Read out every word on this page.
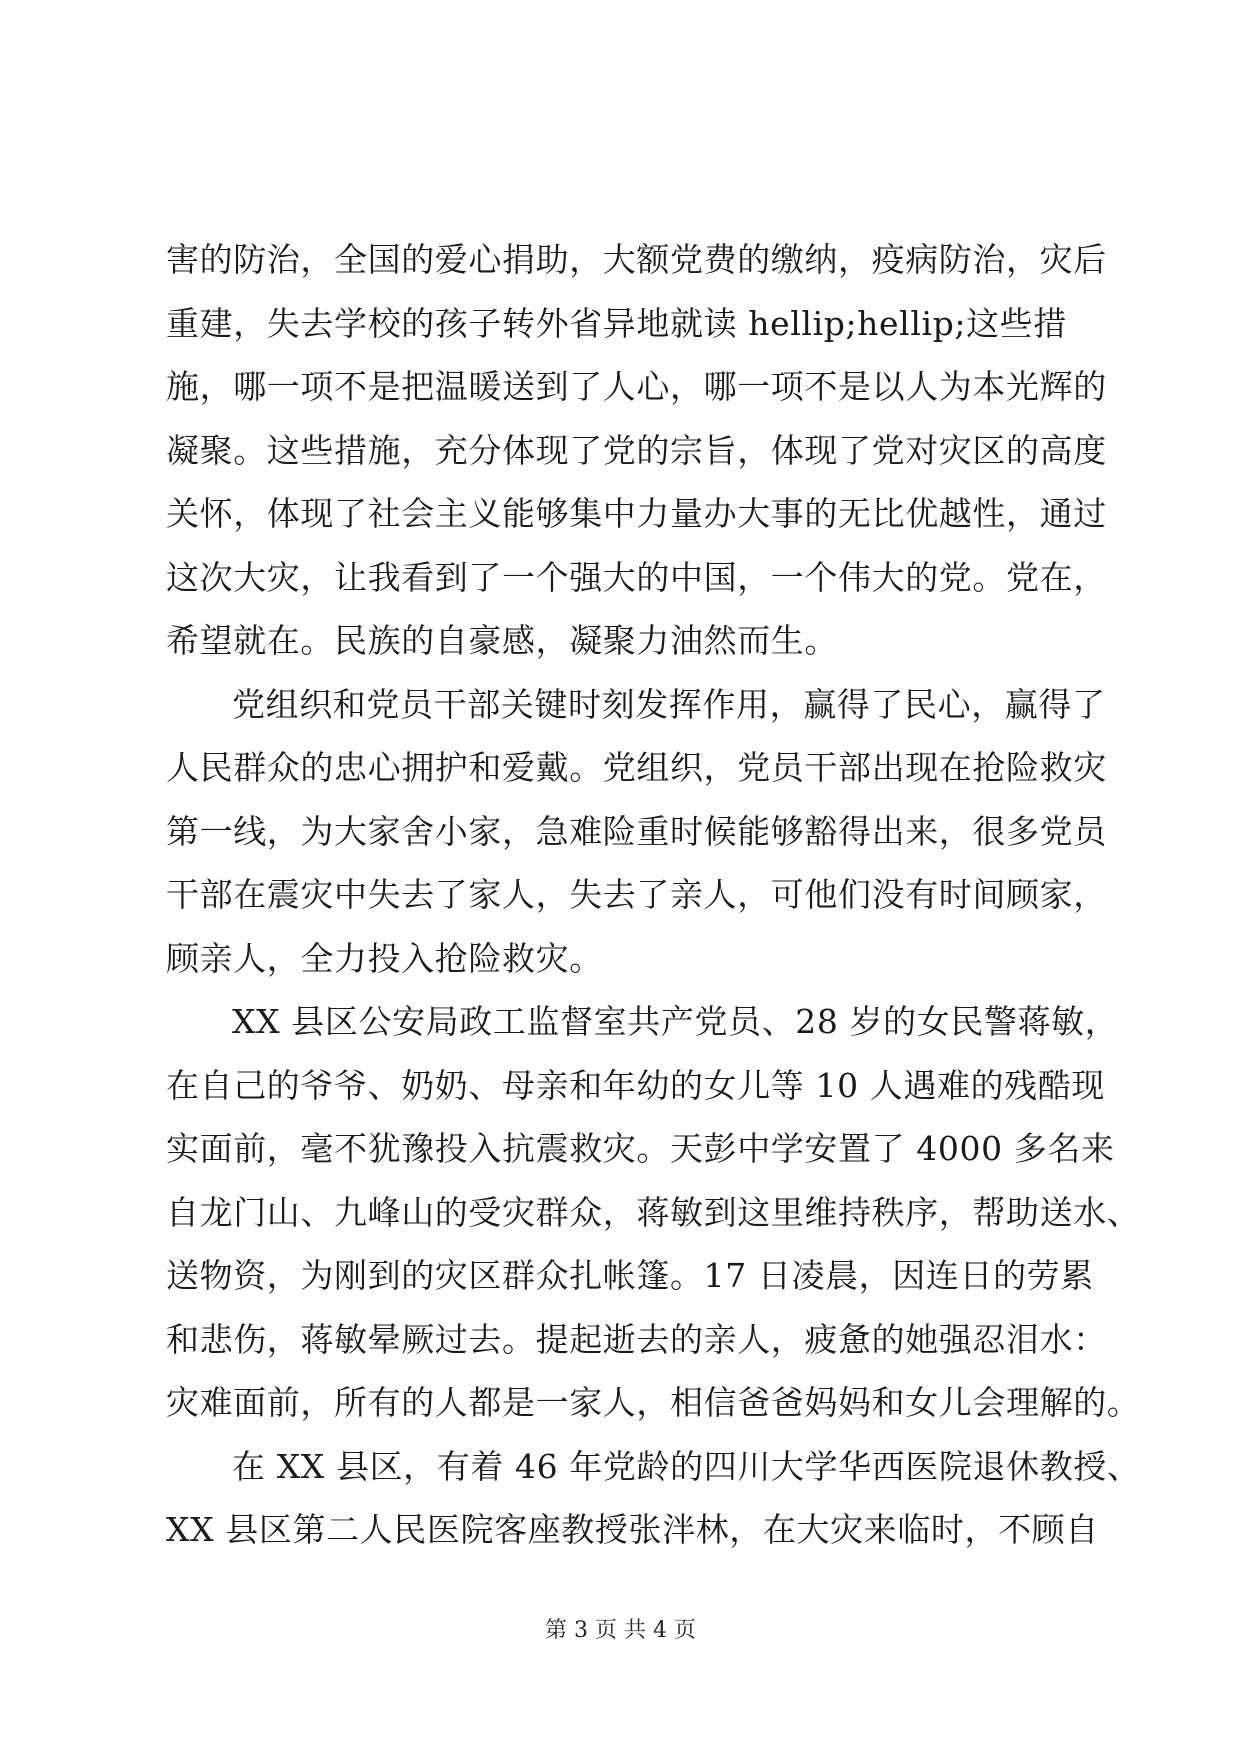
害的防治，全国的爱心捐助，大额党费的缴纳，疫病防治，灾后
重建，失去学校的孩子转外省异地就读 hellip;hellip;这些措
施，哪一项不是把温暖送到了人心，哪一项不是以人为本光辉的
凝聚。这些措施，充分体现了党的宗旨，体现了党对灾区的高度
关怀，体现了社会主义能够集中力量办大事的无比优越性，通过
这次大灾，让我看到了一个强大的中国，一个伟大的党。党在，
希望就在。民族的自豪感，凝聚力油然而生。
党组织和党员干部关键时刻发挥作用，赢得了民心，赢得了
人民群众的忠心拥护和爱戴。党组织，党员干部出现在抢险救灾
第一线，为大家舍小家，急难险重时候能够豁得出来，很多党员
干部在震灾中失去了家人，失去了亲人，可他们没有时间顾家，
顾亲人，全力投入抢险救灾。
XX 县区公安局政工监督室共产党员、28 岁的女民警蒋敏，
在自己的爷爷、奶奶、母亲和年幼的女儿等 10 人遇难的残酷现
实面前，毫不犹豫投入抗震救灾。天彭中学安置了 4000 多名来
自龙门山、九峰山的受灾群众，蒋敏到这里维持秩序，帮助送水、
送物资，为刚到的灾区群众扎帐篷。17 日凌晨，因连日的劳累
和悲伤，蒋敏晕厥过去。提起逝去的亲人，疲惫的她强忍泪水：
灾难面前，所有的人都是一家人，相信爸爸妈妈和女儿会理解的。
在 XX 县区，有着 46 年党龄的四川大学华西医院退休教授、
XX 县区第二人民医院客座教授张泮林，在大灾来临时，不顾自
第 3 页 共 4 页
